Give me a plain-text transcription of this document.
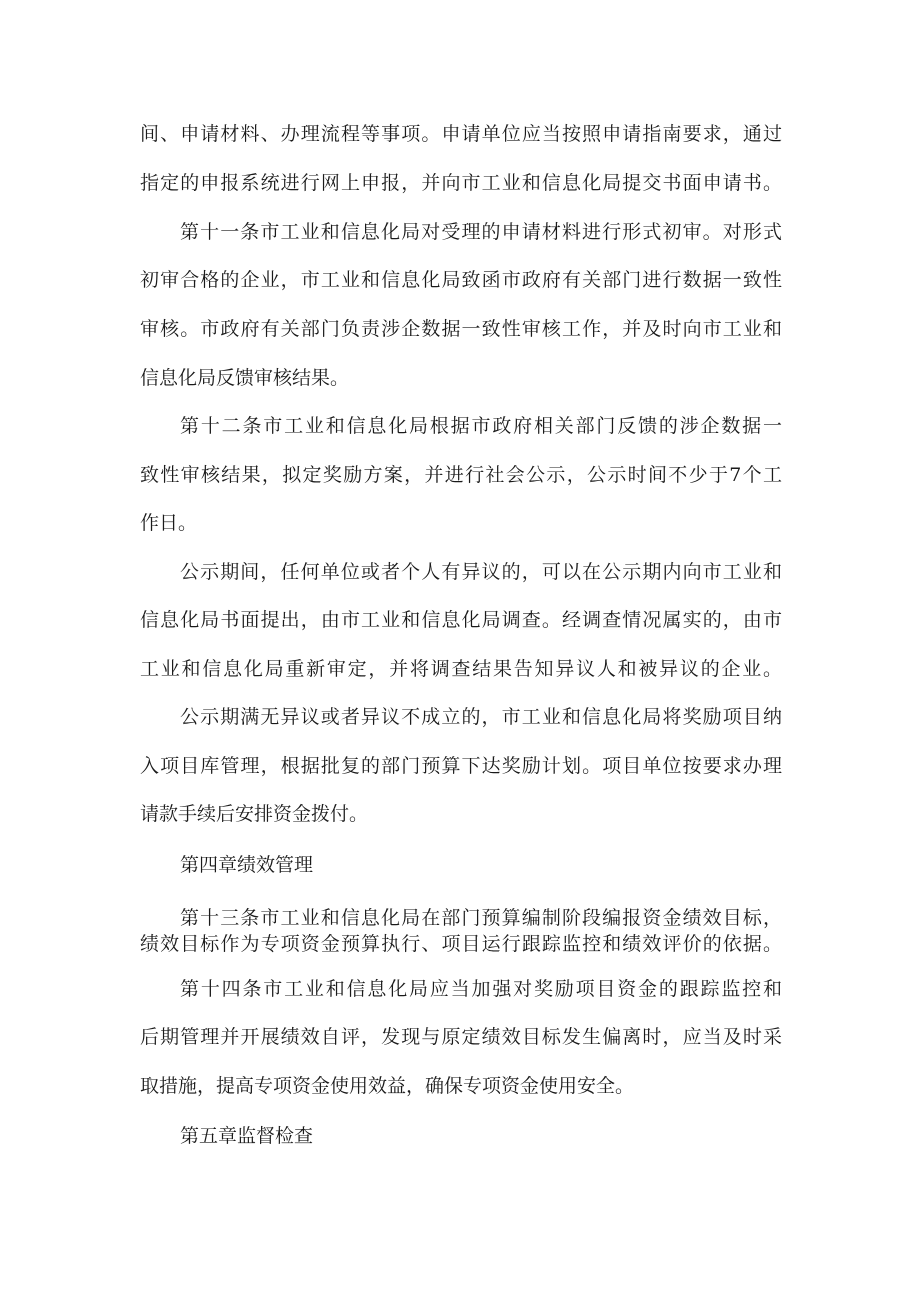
间、申请材料、办理流程等事项。申请单位应当按照申请指南要求，通过

指定的申报系统进行网上申报，并向市工业和信息化局提交书面申请书。

第十一条市工业和信息化局对受理的申请材料进行形式初审。对形式

初审合格的企业，市工业和信息化局致函市政府有关部门进行数据一致性

审核。市政府有关部门负责涉企数据一致性审核工作，并及时向市工业和

信息化局反馈审核结果。

第十二条市工业和信息化局根据市政府相关部门反馈的涉企数据一

致性审核结果，拟定奖励方案，并进行社会公示，公示时间不少于7个工

作日。

公示期间，任何单位或者个人有异议的，可以在公示期内向市工业和

信息化局书面提出，由市工业和信息化局调查。经调查情况属实的，由市

工业和信息化局重新审定，并将调查结果告知异议人和被异议的企业。

公示期满无异议或者异议不成立的，市工业和信息化局将奖励项目纳

入项目库管理，根据批复的部门预算下达奖励计划。项目单位按要求办理

请款手续后安排资金拨付。

第四章绩效管理

第十三条市工业和信息化局在部门预算编制阶段编报资金绩效目标，

绩效目标作为专项资金预算执行、项目运行跟踪监控和绩效评价的依据。

第十四条市工业和信息化局应当加强对奖励项目资金的跟踪监控和

后期管理并开展绩效自评，发现与原定绩效目标发生偏离时，应当及时采

取措施，提高专项资金使用效益，确保专项资金使用安全。

第五章监督检查
